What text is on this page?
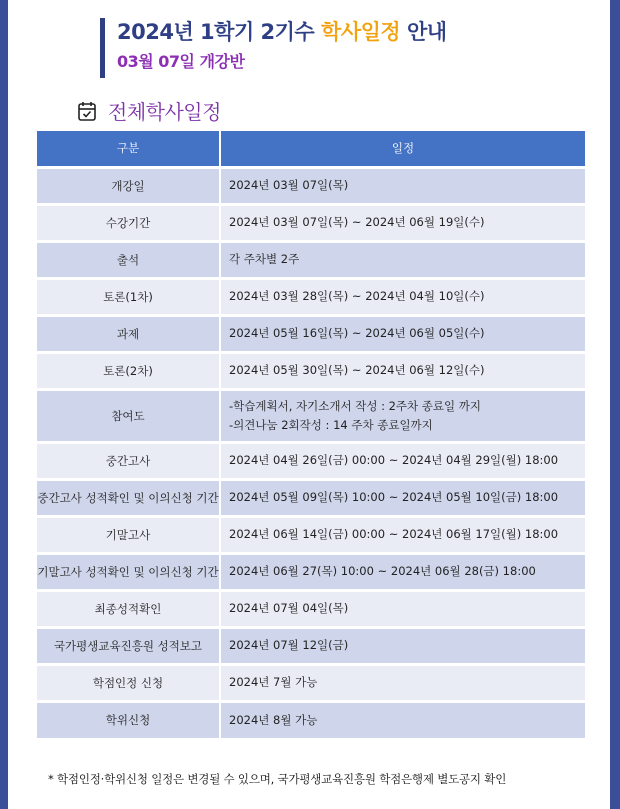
2024년 1학기 2기수 학사일정 안내
03월 07일 개강반
전체학사일정
구분	일정
개강일	2024년 03월 07일(목)

수강기간	2024년 03월 07일(목) ~ 2024년 06월 19일(수)

출석	각 주차별 2주

토론(1차)	2024년 03월 28일(목) ~ 2024년 04월 10일(수)

과제	2024년 05월 16일(목) ~ 2024년 06월 05일(수)

토론(2차)	2024년 05월 30일(목) ~ 2024년 06월 12일(수)

참여도	-학습계획서, 자기소개서 작성 : 2주차 종료일 까지
-의견나눔 2회작성 : 14 주차 종료일까지

중간고사	2024년 04월 26일(금) 00:00 ~ 2024년 04월 29일(월) 18:00

중간고사 성적확인 및 이의신청 기간	2024년 05월 09일(목) 10:00 ~ 2024년 05월 10일(금) 18:00

기말고사	2024년 06월 14일(금) 00:00 ~ 2024년 06월 17일(월) 18:00

기말고사 성적확인 및 이의신청 기간	2024년 06월 27(목) 10:00 ~ 2024년 06월 28(금) 18:00

최종성적확인	2024년 07월 04일(목)

국가평생교육진흥원 성적보고	2024년 07월 12일(금)

학점인정 신청	2024년 7월 가능

학위신청	2024년 8월 가능
* 학점인정·학위신청 일정은 변경될 수 있으며, 국가평생교육진흥원 학점은행제 별도공지 확인
